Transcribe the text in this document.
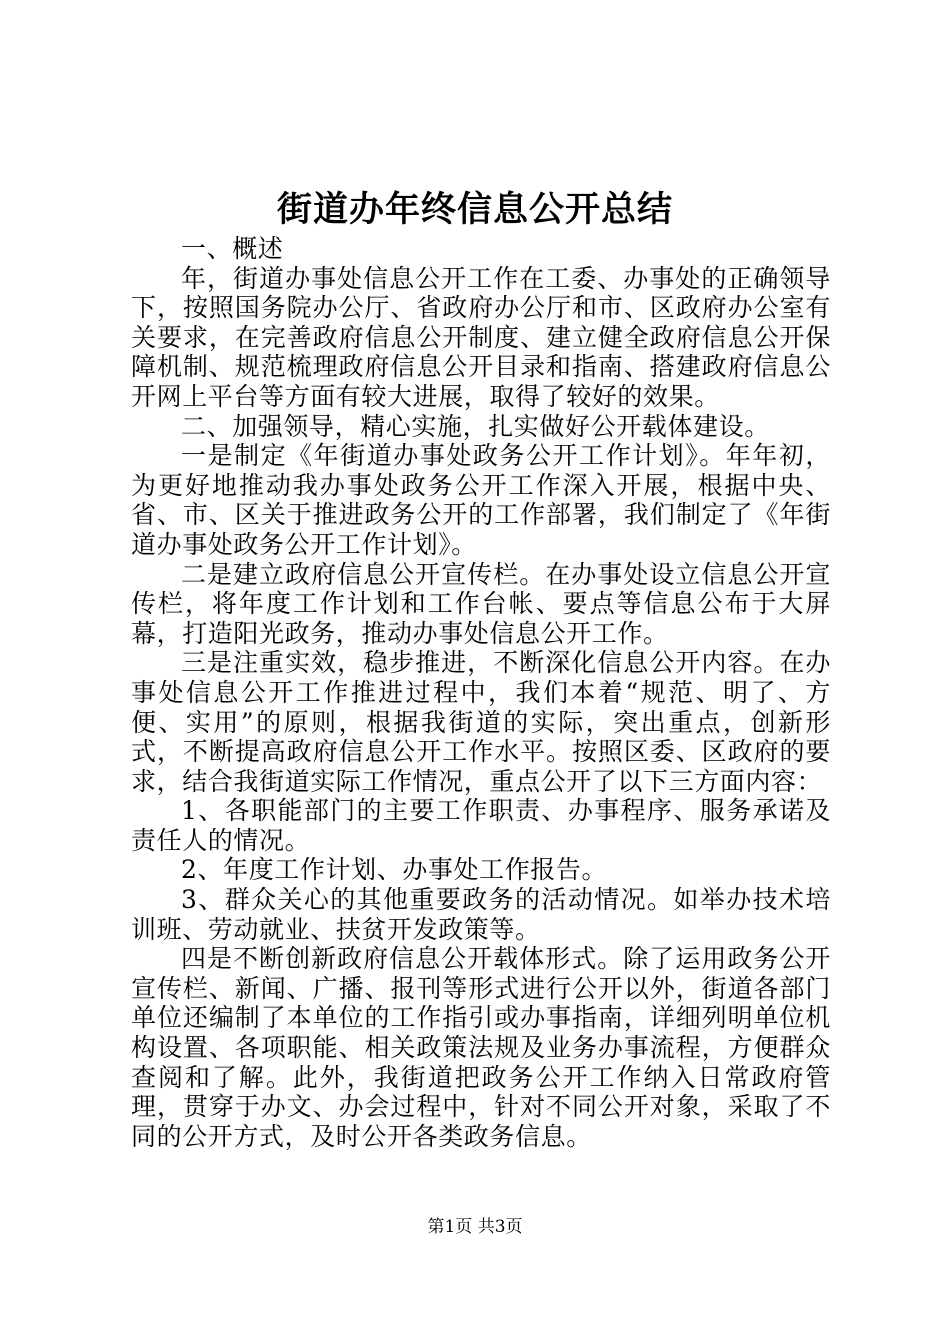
街道办年终信息公开总结

一、概述

年，街道办事处信息公开工作在工委、办事处的正确领导下，按照国务院办公厅、省政府办公厅和市、区政府办公室有关要求，在完善政府信息公开制度、建立健全政府信息公开保障机制、规范梳理政府信息公开目录和指南、搭建政府信息公开网上平台等方面有较大进展，取得了较好的效果。

二、加强领导，精心实施，扎实做好公开载体建设。

一是制定《年街道办事处政务公开工作计划》。年年初，为更好地推动我办事处政务公开工作深入开展，根据中央、省、市、区关于推进政务公开的工作部署，我们制定了《年街道办事处政务公开工作计划》。

二是建立政府信息公开宣传栏。在办事处设立信息公开宣传栏，将年度工作计划和工作台帐、要点等信息公布于大屏幕，打造阳光政务，推动办事处信息公开工作。

三是注重实效，稳步推进，不断深化信息公开内容。在办事处信息公开工作推进过程中，我们本着“规范、明了、方便、实用”的原则，根据我街道的实际，突出重点，创新形式，不断提高政府信息公开工作水平。按照区委、区政府的要求，结合我街道实际工作情况，重点公开了以下三方面内容：

1、各职能部门的主要工作职责、办事程序、服务承诺及责任人的情况。

2、年度工作计划、办事处工作报告。

3、群众关心的其他重要政务的活动情况。如举办技术培训班、劳动就业、扶贫开发政策等。

四是不断创新政府信息公开载体形式。除了运用政务公开宣传栏、新闻、广播、报刊等形式进行公开以外，街道各部门单位还编制了本单位的工作指引或办事指南，详细列明单位机构设置、各项职能、相关政策法规及业务办事流程，方便群众查阅和了解。此外，我街道把政务公开工作纳入日常政府管理，贯穿于办文、办会过程中，针对不同公开对象，采取了不同的公开方式，及时公开各类政务信息。

第1页 共3页
